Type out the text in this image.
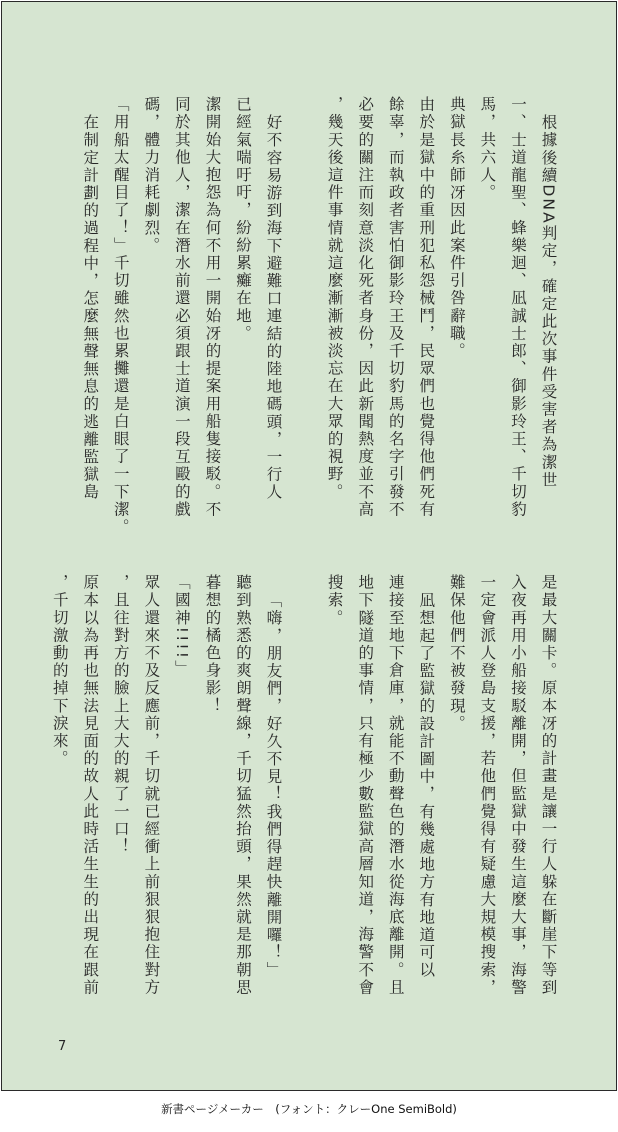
根據後續DNA判定，確定此次事件受害者為潔世
一、士道龍聖、蜂樂迴、凪誠士郎、御影玲王、千切豹
馬，共六人。
典獄長糸師冴因此案件引咎辭職。
由於是獄中的重刑犯私怨械鬥，民眾們也覺得他們死有
餘辜，而執政者害怕御影玲王及千切豹馬的名字引發不
必要的關注而刻意淡化死者身份，因此新聞熱度並不高
，幾天後這件事情就這麼漸漸被淡忘在大眾的視野。
好不容易游到海下避難口連結的陸地碼頭，一行人
已經氣喘吁吁，紛紛累癱在地。
潔開始大抱怨為何不用一開始冴的提案用船隻接駁。不
同於其他人，潔在潛水前還必須跟士道演一段互毆的戲
碼，體力消耗劇烈。
「用船太醒目了！」千切雖然也累攤還是白眼了一下潔。
在制定計劃的過程中，怎麼無聲無息的逃離監獄島
是最大關卡。原本冴的計畫是讓一行人躲在斷崖下等到
入夜再用小船接駁離開，但監獄中發生這麼大事，海警
一定會派人登島支援，若他們覺得有疑慮大規模搜索，
難保他們不被發現。
凪想起了監獄的設計圖中，有幾處地方有地道可以
連接至地下倉庫，就能不動聲色的潛水從海底離開。且
地下隧道的事情，只有極少數監獄高層知道，海警不會
搜索。
「嗨，朋友們，好久不見！我們得趕快離開囉！」
聽到熟悉的爽朗聲線，千切猛然抬頭，果然就是那朝思
暮想的橘色身影！
「國神!!!!」
眾人還來不及反應前，千切就已經衝上前狠狠抱住對方
，且往對方的臉上大大的親了一口！
原本以為再也無法見面的故人此時活生生的出現在跟前
，千切激動的掉下淚來。
7
新書ページメーカー　(フォント：クレーOne SemiBold)
